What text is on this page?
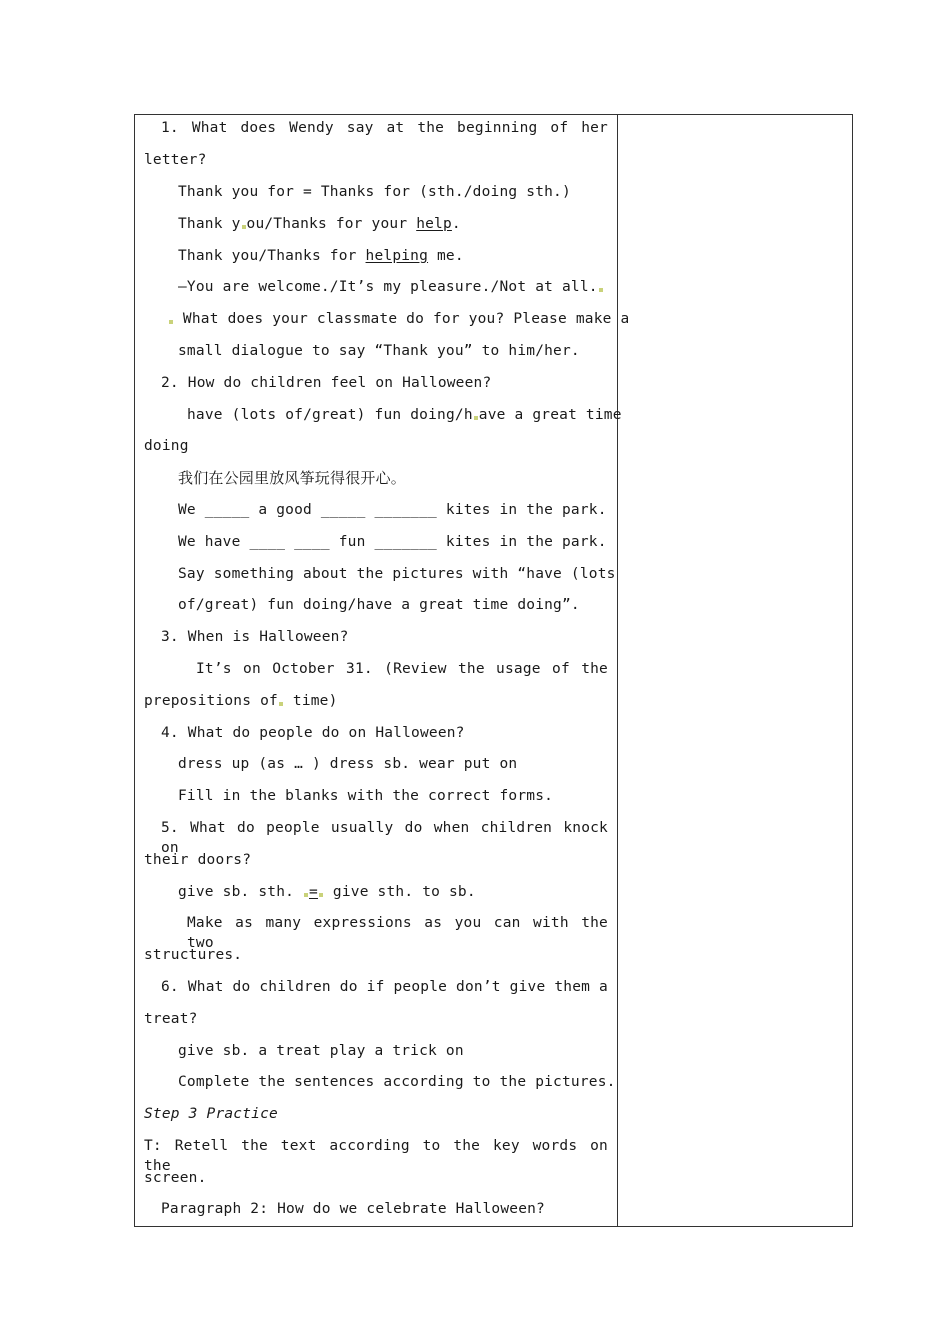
1. What does Wendy say at the beginning of her
letter?
Thank you for = Thanks for (sth./doing sth.)
Thank y ou/Thanks for your help.
Thank you/Thanks for helping me.
—You are welcome./It’s my pleasure./Not at all.
What does your classmate do for you? Please make a
small dialogue to say “Thank you” to him/her.
2. How do children feel on Halloween?
have (lots of/great) fun doing/h ave a great time
doing
我们在公园里放风筝玩得很开心。
We _____ a good _____ _______ kites in the park.
We have ____ ____ fun _______ kites in the park.
Say something about the pictures with “have (lots
of/great) fun doing/have a great time doing”.
3. When is Halloween?
It’s on October 31. (Review the usage of the
prepositions of time)
4. What do people do on Halloween?
dress up (as … ) dress sb. wear put on
Fill in the blanks with the correct forms.
5. What do people usually do when children knock on
their doors?
give sb. sth. = give sth. to sb.
Make as many expressions as you can with the two
structures.
6. What do children do if people don’t give them a
treat?
give sb. a treat play a trick on
Complete the sentences according to the pictures.
Step 3 Practice
T: Retell the text according to the key words on the
screen.
Paragraph 2: How do we celebrate Halloween?
